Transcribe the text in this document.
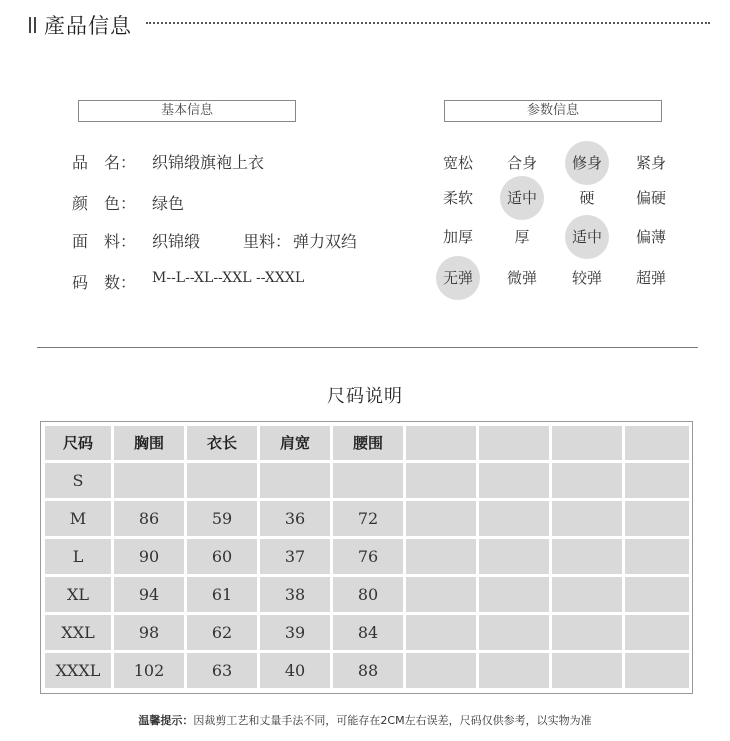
產品信息
基本信息	参数信息
品　名： 织锦缎旗袍上衣
颜　色： 绿色
面　料： 织锦缎	里料： 弹力双绉
码　数： M--L--XL--XXL --XXXL
宽松	合身	修身	紧身
柔软	适中	硬	偏硬
加厚	厚	适中	偏薄
无弹	微弹	较弹	超弹
尺码说明
尺码	胸围	衣长	肩宽	腰围
S
M	86	59	36	72
L	90	60	37	76
XL	94	61	38	80
XXL	98	62	39	84
XXXL	102	63	40	88
温馨提示：因裁剪工艺和丈量手法不同，可能存在2CM左右误差，尺码仅供参考，以实物为准
